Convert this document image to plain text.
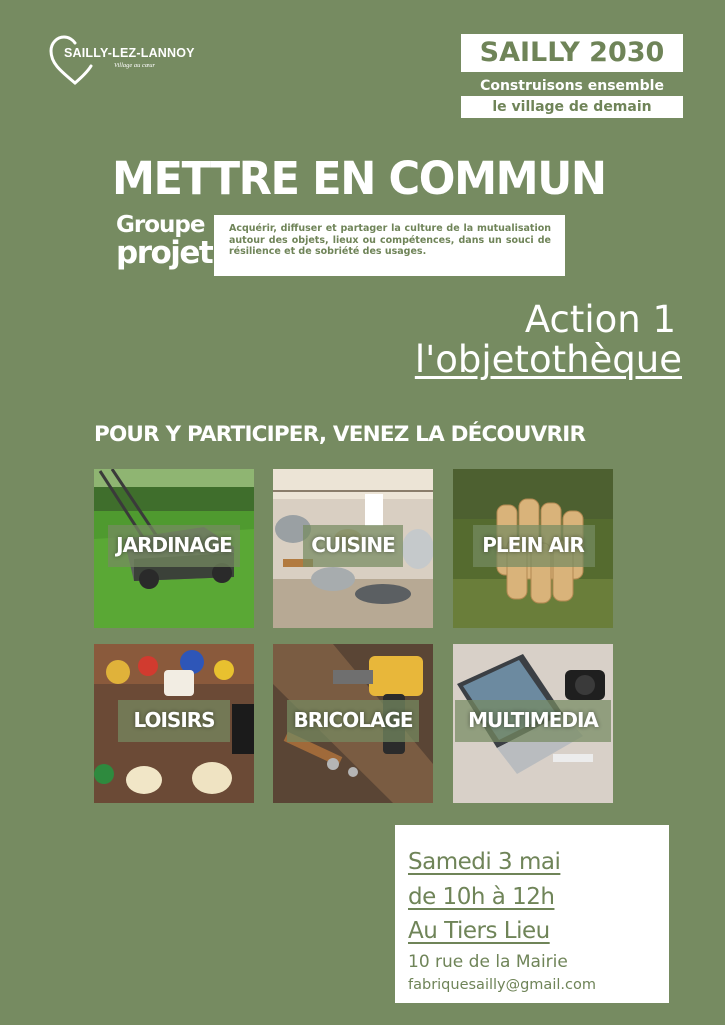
SAILLY-LEZ-LANNOY
Village au cœur	SAILLY 2030
Construisons ensemble
le village de demain
METTRE EN COMMUN
Groupe
projet
Acquérir, diffuser et partager la culture de la mutualisation autour des objets, lieux ou compétences, dans un souci de résilience et de sobriété des usages.
Action 1
l'objetothèque
POUR Y PARTICIPER, VENEZ LA DÉCOUVRIR
JARDINAGE	CUISINE	PLEIN AIR
LOISIRS	BRICOLAGE	MULTIMEDIA
Samedi 3 mai
de 10h à 12h
Au Tiers Lieu
10 rue de la Mairie
fabriquesailly@gmail.com
